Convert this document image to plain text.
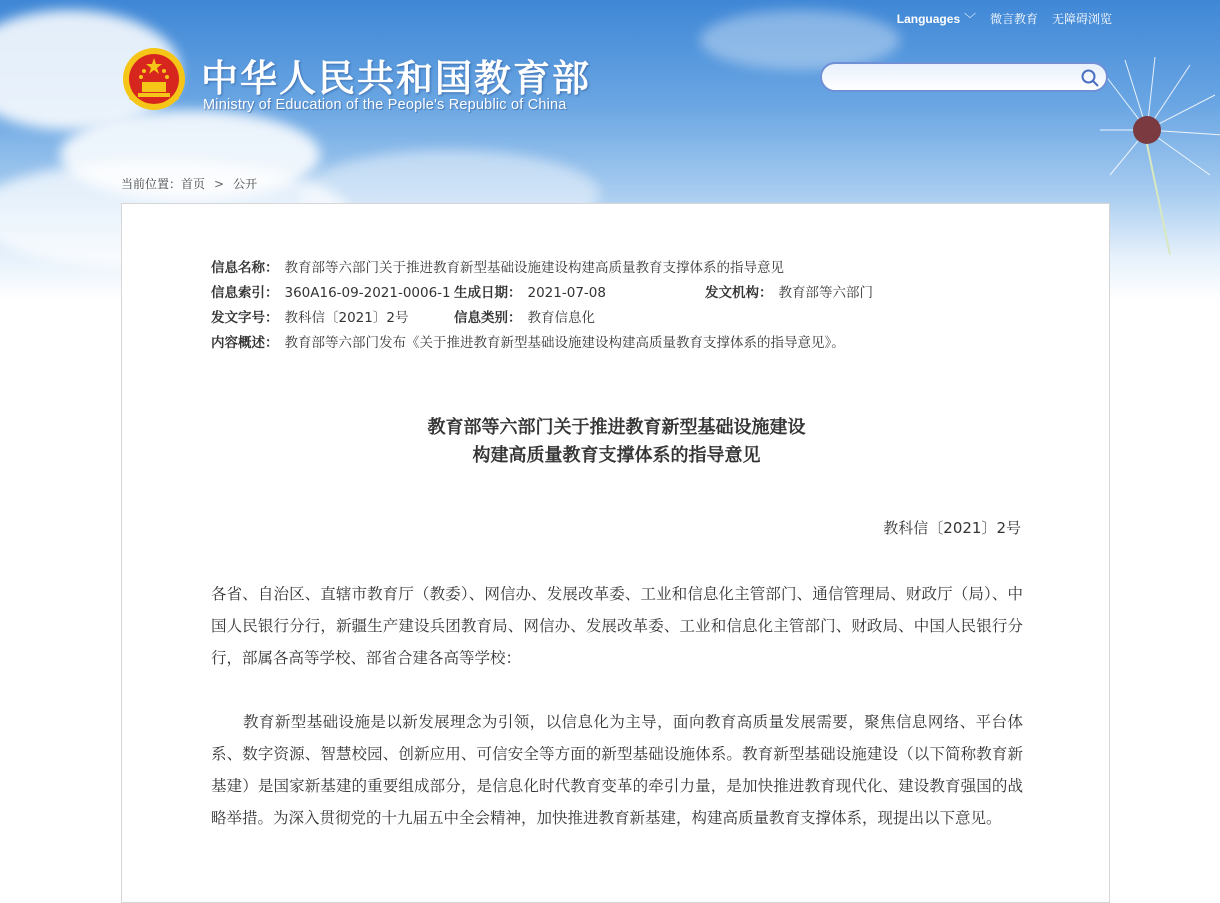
中华人民共和国教育部
Ministry of Education of the People's Republic of China
Languages ﹀ 微言教育 无障碍浏览
当前位置：首页 > 公开
信息名称： 教育部等六部门关于推进教育新型基础设施建设构建高质量教育支撑体系的指导意见
信息索引： 360A16-09-2021-0006-1 生成日期： 2021-07-08	发文机构： 教育部等六部门
发文字号： 教科信〔2021〕2号	信息类别： 教育信息化
内容概述： 教育部等六部门发布《关于推进教育新型基础设施建设构建高质量教育支撑体系的指导意见》。
教育部等六部门关于推进教育新型基础设施建设
构建高质量教育支撑体系的指导意见
教科信〔2021〕2号
各省、自治区、直辖市教育厅（教委）、网信办、发展改革委、工业和信息化主管部门、通信管理局、财政厅（局）、中国人民银行分行，新疆生产建设兵团教育局、网信办、发展改革委、工业和信息化主管部门、财政局、中国人民银行分行，部属各高等学校、部省合建各高等学校：
教育新型基础设施是以新发展理念为引领，以信息化为主导，面向教育高质量发展需要，聚焦信息网络、平台体系、数字资源、智慧校园、创新应用、可信安全等方面的新型基础设施体系。教育新型基础设施建设（以下简称教育新基建）是国家新基建的重要组成部分，是信息化时代教育变革的牵引力量，是加快推进教育现代化、建设教育强国的战略举措。为深入贯彻党的十九届五中全会精神，加快推进教育新基建，构建高质量教育支撑体系，现提出以下意见。
